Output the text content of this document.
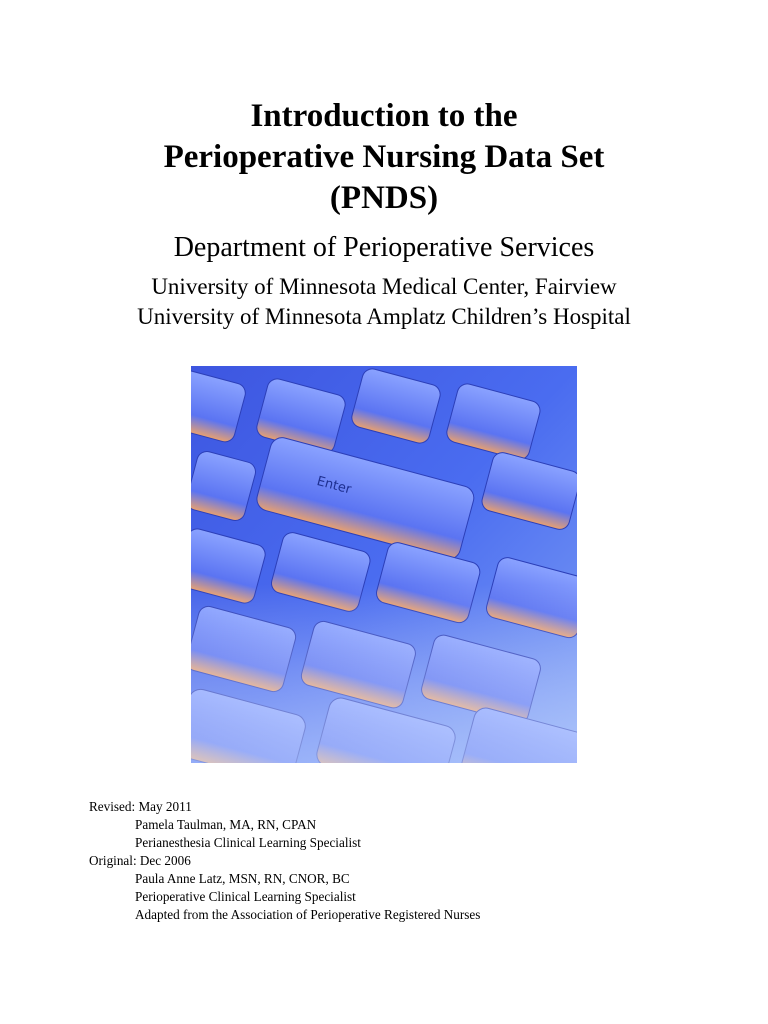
Introduction to the
Perioperative Nursing Data Set
(PNDS)
Department of Perioperative Services
University of Minnesota Medical Center, Fairview
University of Minnesota Amplatz Children’s Hospital
Enter
Revised: May 2011
Pamela Taulman, MA, RN, CPAN
Perianesthesia Clinical Learning Specialist
Original: Dec 2006
Paula Anne Latz, MSN, RN, CNOR, BC
Perioperative Clinical Learning Specialist
Adapted from the Association of Perioperative Registered Nurses
